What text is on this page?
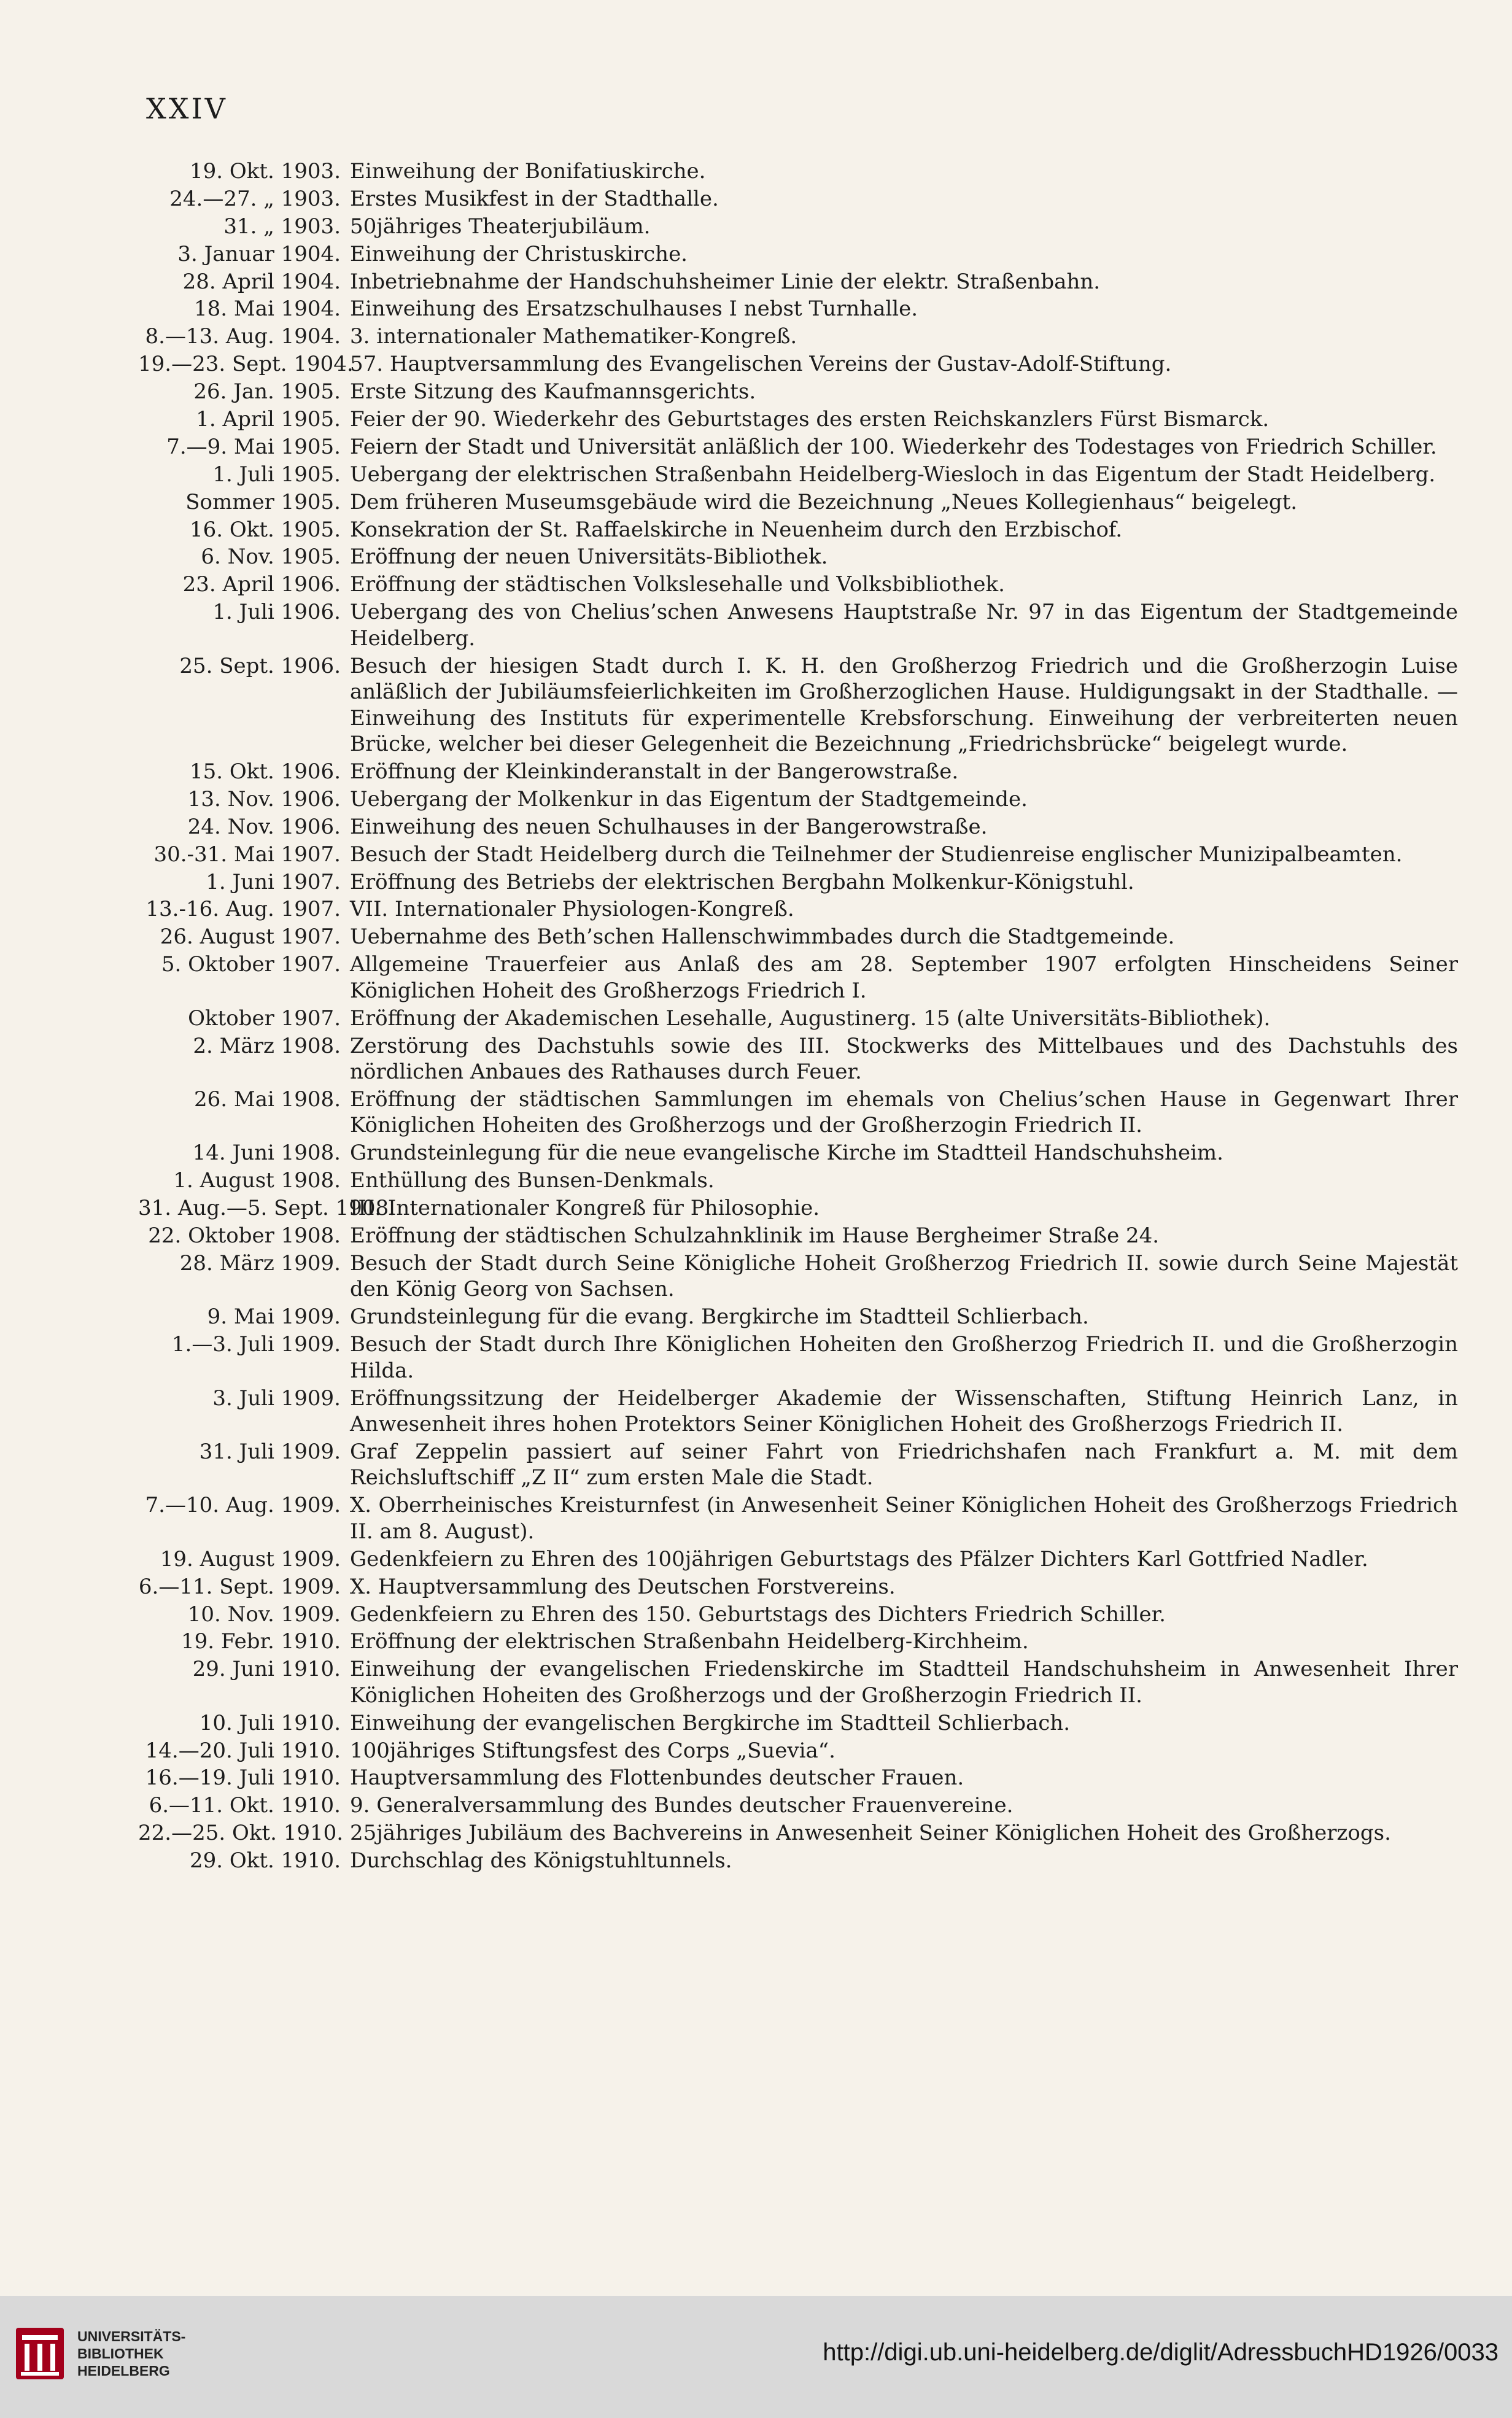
XXIV
19. Okt. 1903. Einweihung der Bonifatiuskirche.
24.—27. „ 1903. Erstes Musikfest in der Stadthalle.
31. „ 1903. 50jähriges Theaterjubiläum.
3. Januar 1904. Einweihung der Christuskirche.
28. April 1904. Inbetriebnahme der Handschuhsheimer Linie der elektr. Straßenbahn.
18. Mai 1904. Einweihung des Ersatzschulhauses I nebst Turnhalle.
8.—13. Aug. 1904. 3. internationaler Mathematiker-Kongreß.
19.—23. Sept. 1904.
57. Hauptversammlung des Evangelischen Vereins der Gustav-Adolf-Stiftung.
26. Jan. 1905. Erste Sitzung des Kaufmannsgerichts.
1. April 1905. Feier der 90. Wiederkehr des Geburtstages des ersten Reichskanzlers Fürst Bismarck.
7.—9. Mai 1905. Feiern der Stadt und Universität anläßlich der 100. Wiederkehr des Todestages von Friedrich Schiller.
1. Juli 1905. Uebergang der elektrischen Straßenbahn Heidelberg-Wiesloch in das Eigentum der Stadt Heidelberg.
Sommer 1905. Dem früheren Museumsgebäude wird die Bezeichnung „Neues Kollegienhaus“ beigelegt.
16. Okt. 1905. Konsekration der St. Raffaelskirche in Neuenheim durch den Erzbischof.
6. Nov. 1905. Eröffnung der neuen Universitäts-Bibliothek.
23. April 1906. Eröffnung der städtischen Volkslesehalle und Volksbibliothek.
1. Juli 1906. Uebergang des von Chelius’schen Anwesens Hauptstraße Nr. 97 in das Eigentum der Stadtgemeinde Heidelberg.
25. Sept. 1906. Besuch der hiesigen Stadt durch I. K. H. den Großherzog Friedrich und die Großherzogin Luise anläßlich der Jubiläumsfeierlichkeiten im Großherzoglichen Hause. Huldigungsakt in der Stadthalle. — Einweihung des Instituts für experimentelle Krebsforschung. Einweihung der verbreiterten neuen Brücke, welcher bei dieser Gelegenheit die Bezeichnung „Friedrichsbrücke“ beigelegt wurde.
15. Okt. 1906. Eröffnung der Kleinkinderanstalt in der Bangerowstraße.
13. Nov. 1906. Uebergang der Molkenkur in das Eigentum der Stadtgemeinde.
24. Nov. 1906. Einweihung des neuen Schulhauses in der Bangerowstraße.
30.-31. Mai 1907. Besuch der Stadt Heidelberg durch die Teilnehmer der Studienreise englischer Munizipalbeamten.
1. Juni 1907. Eröffnung des Betriebs der elektrischen Bergbahn Molkenkur-Königstuhl.
13.-16. Aug. 1907. VII. Internationaler Physiologen-Kongreß.
26. August 1907. Uebernahme des Beth’schen Hallenschwimmbades durch die Stadtgemeinde.
5. Oktober 1907. Allgemeine Trauerfeier aus Anlaß des am 28. September 1907 erfolgten Hinscheidens Seiner Königlichen Hoheit des Großherzogs Friedrich I.
Oktober 1907. Eröffnung der Akademischen Lesehalle, Augustinerg. 15 (alte Universitäts-Bibliothek).
2. März 1908. Zerstörung des Dachstuhls sowie des III. Stockwerks des Mittelbaues und des Dachstuhls des nördlichen Anbaues des Rathauses durch Feuer.
26. Mai 1908. Eröffnung der städtischen Sammlungen im ehemals von Chelius’schen Hause in Gegenwart Ihrer Königlichen Hoheiten des Großherzogs und der Großherzogin Friedrich II.
14. Juni 1908. Grundsteinlegung für die neue evangelische Kirche im Stadtteil Handschuhsheim.
1. August 1908. Enthüllung des Bunsen-Denkmals.
31. Aug.—5. Sept. 1908.
III. Internationaler Kongreß für Philosophie.
22. Oktober 1908. Eröffnung der städtischen Schulzahnklinik im Hause Bergheimer Straße 24.
28. März 1909. Besuch der Stadt durch Seine Königliche Hoheit Großherzog Friedrich II. sowie durch Seine Majestät den König Georg von Sachsen.
9. Mai 1909. Grundsteinlegung für die evang. Bergkirche im Stadtteil Schlierbach.
1.—3. Juli 1909. Besuch der Stadt durch Ihre Königlichen Hoheiten den Großherzog Friedrich II. und die Großherzogin Hilda.
3. Juli 1909. Eröffnungssitzung der Heidelberger Akademie der Wissenschaften, Stiftung Heinrich Lanz, in Anwesenheit ihres hohen Protektors Seiner Königlichen Hoheit des Großherzogs Friedrich II.
31. Juli 1909. Graf Zeppelin passiert auf seiner Fahrt von Friedrichshafen nach Frankfurt a. M. mit dem Reichsluftschiff „Z II“ zum ersten Male die Stadt.
7.—10. Aug. 1909. X. Oberrheinisches Kreisturnfest (in Anwesenheit Seiner Königlichen Hoheit des Großherzogs Friedrich II. am 8. August).
19. August 1909. Gedenkfeiern zu Ehren des 100jährigen Geburtstags des Pfälzer Dichters Karl Gottfried Nadler.
6.—11. Sept. 1909. X. Hauptversammlung des Deutschen Forstvereins.
10. Nov. 1909. Gedenkfeiern zu Ehren des 150. Geburtstags des Dichters Friedrich Schiller.
19. Febr. 1910. Eröffnung der elektrischen Straßenbahn Heidelberg-Kirchheim.
29. Juni 1910. Einweihung der evangelischen Friedenskirche im Stadtteil Handschuhsheim in Anwesenheit Ihrer Königlichen Hoheiten des Großherzogs und der Großherzogin Friedrich II.
10. Juli 1910. Einweihung der evangelischen Bergkirche im Stadtteil Schlierbach.
14.—20. Juli 1910. 100jähriges Stiftungsfest des Corps „Suevia“.
16.—19. Juli 1910. Hauptversammlung des Flottenbundes deutscher Frauen.
6.—11. Okt. 1910. 9. Generalversammlung des Bundes deutscher Frauenvereine.
22.—25. Okt. 1910. 25jähriges Jubiläum des Bachvereins in Anwesenheit Seiner Königlichen Hoheit des Großherzogs.
29. Okt. 1910. Durchschlag des Königstuhltunnels.
UNIVERSITÄTS-
BIBLIOTHEK
HEIDELBERG
http://digi.ub.uni-heidelberg.de/diglit/AdressbuchHD1926/0033
